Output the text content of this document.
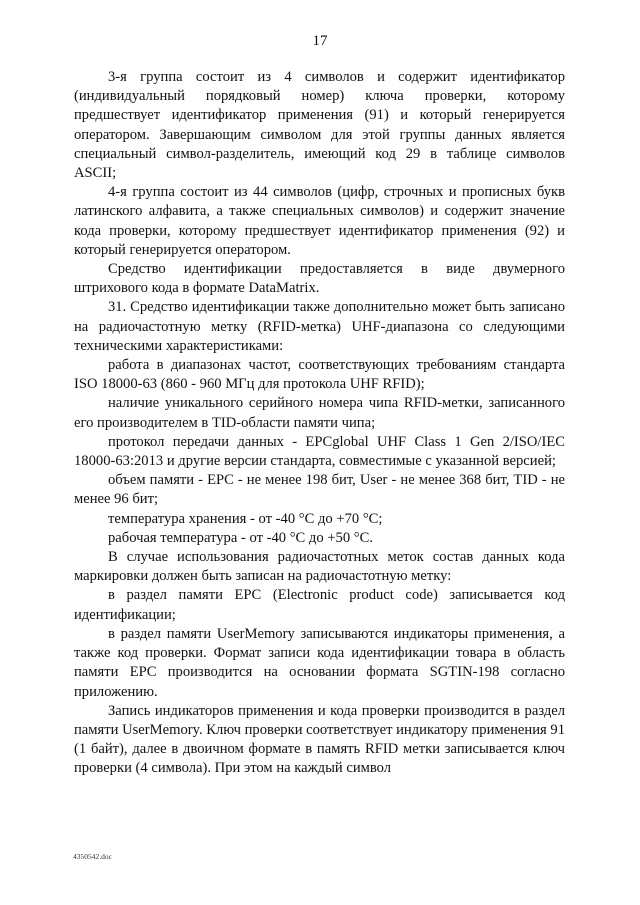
17

3-я группа состоит из 4 символов и содержит идентификатор (индивидуальный порядковый номер) ключа проверки, которому предшествует идентификатор применения (91) и который генерируется оператором. Завершающим символом для этой группы данных является специальный символ-разделитель, имеющий код 29 в таблице символов ASCII;

4-я группа состоит из 44 символов (цифр, строчных и прописных букв латинского алфавита, а также специальных символов) и содержит значение кода проверки, которому предшествует идентификатор применения (92) и который генерируется оператором.

Средство идентификации предоставляется в виде двумерного штрихового кода в формате DataMatrix.

31. Средство идентификации также дополнительно может быть записано на радиочастотную метку (RFID-метка) UHF-диапазона со следующими техническими характеристиками:

работа в диапазонах частот, соответствующих требованиям стандарта ISO 18000-63 (860 - 960 МГц для протокола UHF RFID);

наличие уникального серийного номера чипа RFID-метки, записанного его производителем в TID-области памяти чипа;

протокол передачи данных - EPCglobal UHF Class 1 Gen 2/ISO/IEC 18000-63:2013 и другие версии стандарта, совместимые с указанной версией;

объем памяти - EPC - не менее 198 бит, User - не менее 368 бит, TID - не менее 96 бит;

температура хранения - от -40 °С до +70 °С;

рабочая температура - от -40 °С до +50 °С.

В случае использования радиочастотных меток состав данных кода маркировки должен быть записан на радиочастотную метку:

в раздел памяти EPC (Electronic product code) записывается код идентификации;

в раздел памяти UserMemory записываются индикаторы применения, а также код проверки. Формат записи кода идентификации товара в область памяти EPC производится на основании формата SGTIN-198 согласно приложению.

Запись индикаторов применения и кода проверки производится в раздел памяти UserMemory. Ключ проверки соответствует индикатору применения 91 (1 байт), далее в двоичном формате в память RFID метки записывается ключ проверки (4 символа). При этом на каждый символ

4350542.doc
